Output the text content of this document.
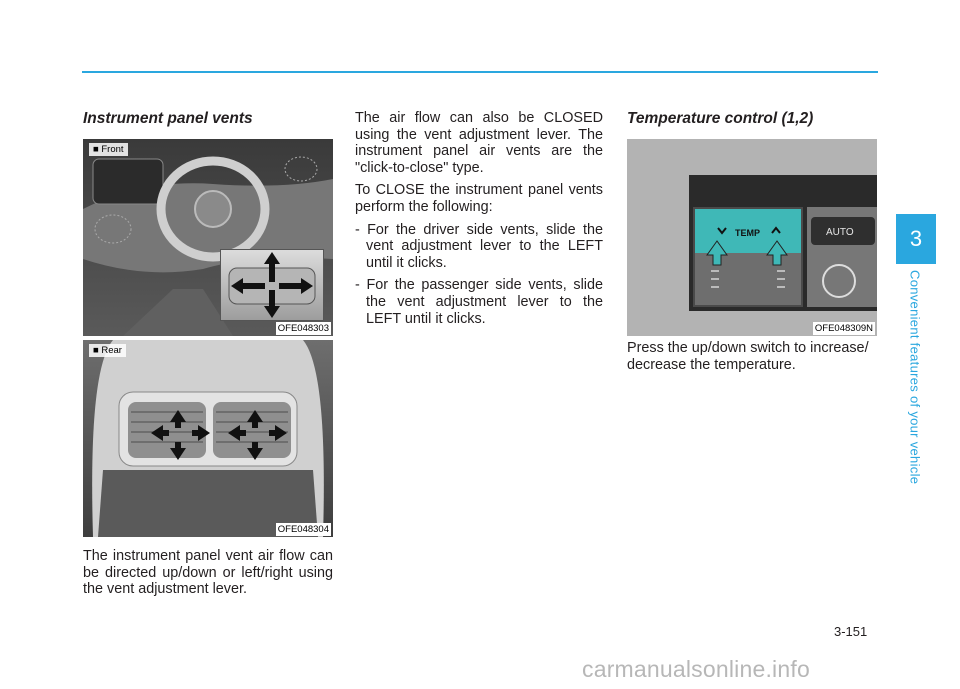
3
Convenient features of your vehicle
Instrument panel vents
■ Front
OFE048303
■ Rear
OFE048304
The instrument panel vent air flow can be directed up/down or left/right using the vent adjustment lever.

The air flow can also be CLOSED using the vent adjustment lever. The instrument panel air vents are the "click-to-close" type.

To CLOSE the instrument panel vents perform the following:

- For the driver side vents, slide the vent adjustment lever to the LEFT until it clicks.

- For the passenger side vents, slide the vent adjustment lever to the LEFT until it clicks.

Temperature control (1,2)
TEMP	AUTO
OFE048309N
Press the up/down switch to increase/ decrease the temperature.
3-151
carmanualsonline.info
